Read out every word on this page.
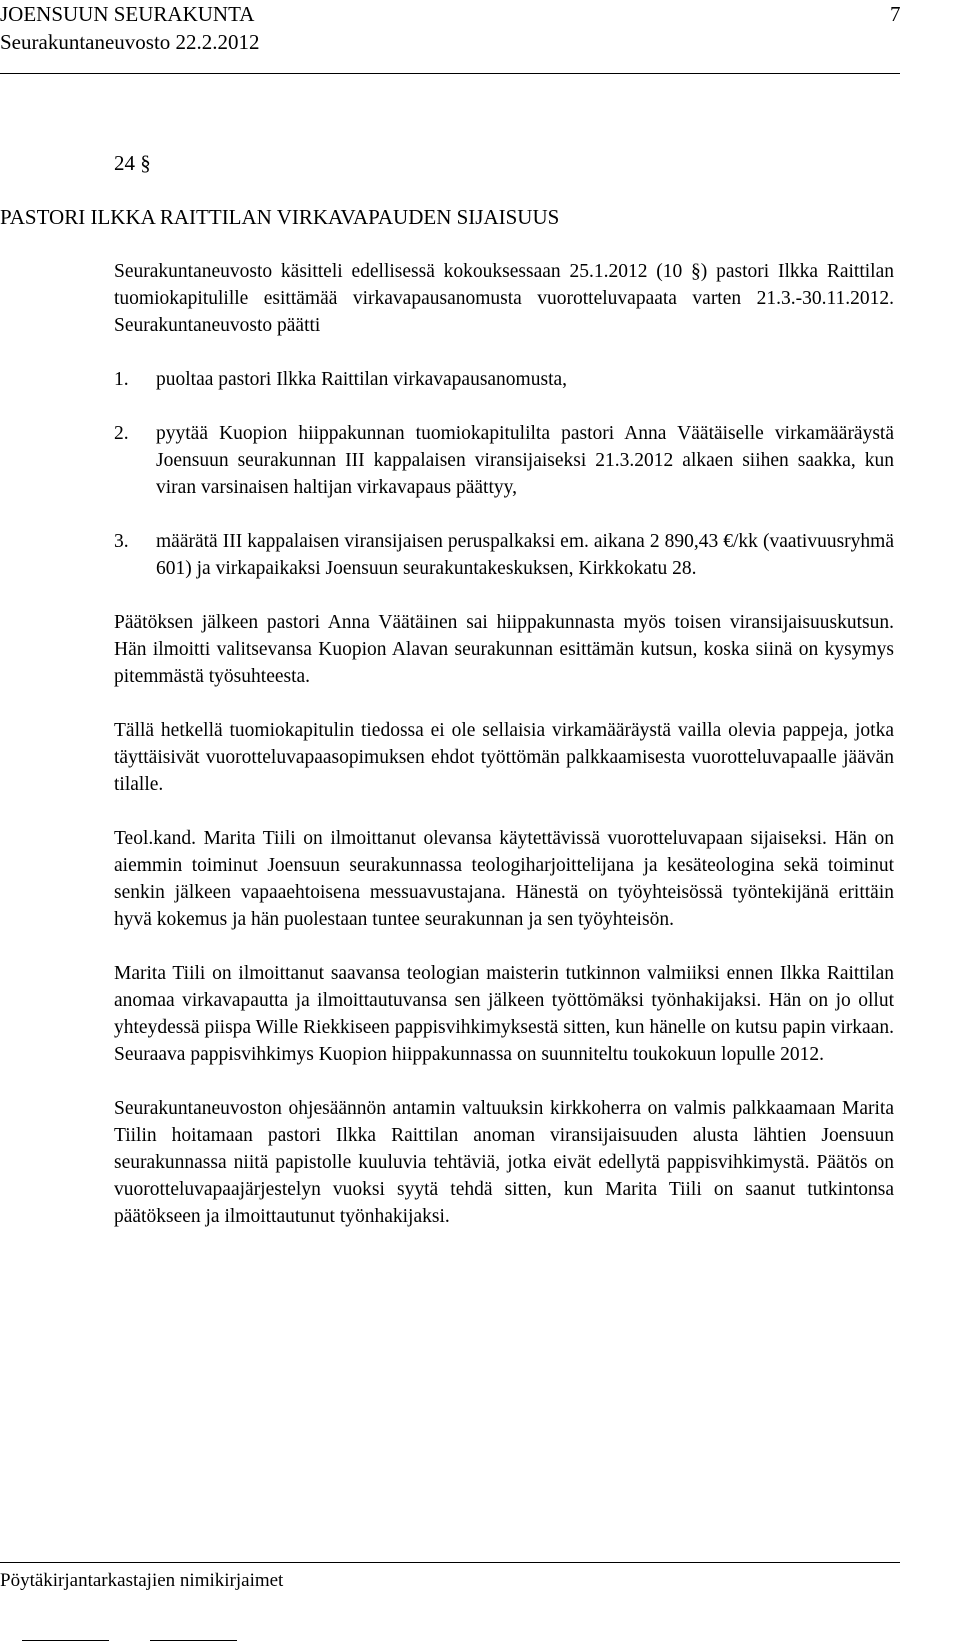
JOENSUUN SEURAKUNTA
Seurakuntaneuvosto 22.2.2012
7
24 §
PASTORI ILKKA RAITTILAN VIRKAVAPAUDEN SIJAISUUS

Seurakuntaneuvosto käsitteli edellisessä kokouksessaan 25.1.2012 (10 §) pastori Ilkka Raittilan tuomiokapitulille esittämää virkavapausanomusta vuorotteluvapaata varten 21.3.-30.11.2012. Seurakuntaneuvosto päätti

1. puoltaa pastori Ilkka Raittilan virkavapausanomusta,
2. pyytää Kuopion hiippakunnan tuomiokapitulilta pastori Anna Väätäiselle virkamääräystä Joensuun seurakunnan III kappalaisen viransijaiseksi 21.3.2012 alkaen siihen saakka, kun viran varsinaisen haltijan virkavapaus päättyy,
3. määrätä III kappalaisen viransijaisen peruspalkaksi em. aikana 2 890,43 €/kk (vaativuusryhmä 601) ja virkapaikaksi Joensuun seurakuntakeskuksen, Kirkkokatu 28.

Päätöksen jälkeen pastori Anna Väätäinen sai hiippakunnasta myös toisen viransijaisuuskutsun. Hän ilmoitti valitsevansa Kuopion Alavan seurakunnan esittämän kutsun, koska siinä on kysymys pitemmästä työsuhteesta.

Tällä hetkellä tuomiokapitulin tiedossa ei ole sellaisia virkamääräystä vailla olevia pappeja, jotka täyttäisivät vuorotteluvapaasopimuksen ehdot työttömän palkkaamisesta vuorotteluvapaalle jäävän tilalle.

Teol.kand. Marita Tiili on ilmoittanut olevansa käytettävissä vuorotteluvapaan sijaiseksi. Hän on aiemmin toiminut Joensuun seurakunnassa teologiharjoittelijana ja kesäteologina sekä toiminut senkin jälkeen vapaaehtoisena messuavustajana. Hänestä on työyhteisössä työntekijänä erittäin hyvä kokemus ja hän puolestaan tuntee seurakunnan ja sen työyhteisön.

Marita Tiili on ilmoittanut saavansa teologian maisterin tutkinnon valmiiksi ennen Ilkka Raittilan anomaa virkavapautta ja ilmoittautuvansa sen jälkeen työttömäksi työnhakijaksi. Hän on jo ollut yhteydessä piispa Wille Riekkiseen pappisvihkimyksestä sitten, kun hänelle on kutsu papin virkaan. Seuraava pappisvihkimys Kuopion hiippakunnassa on suunniteltu toukokuun lopulle 2012.

Seurakuntaneuvoston ohjesäännön antamin valtuuksin kirkkoherra on valmis palkkaamaan Marita Tiilin hoitamaan pastori Ilkka Raittilan anoman viransijaisuuden alusta lähtien Joensuun seurakunnassa niitä papistolle kuuluvia tehtäviä, jotka eivät edellytä pappisvihkimystä. Päätös on vuorotteluvapaajärjestelyn vuoksi syytä tehdä sitten, kun Marita Tiili on saanut tutkintonsa päätökseen ja ilmoittautunut työnhakijaksi.

Pöytäkirjantarkastajien nimikirjaimet
